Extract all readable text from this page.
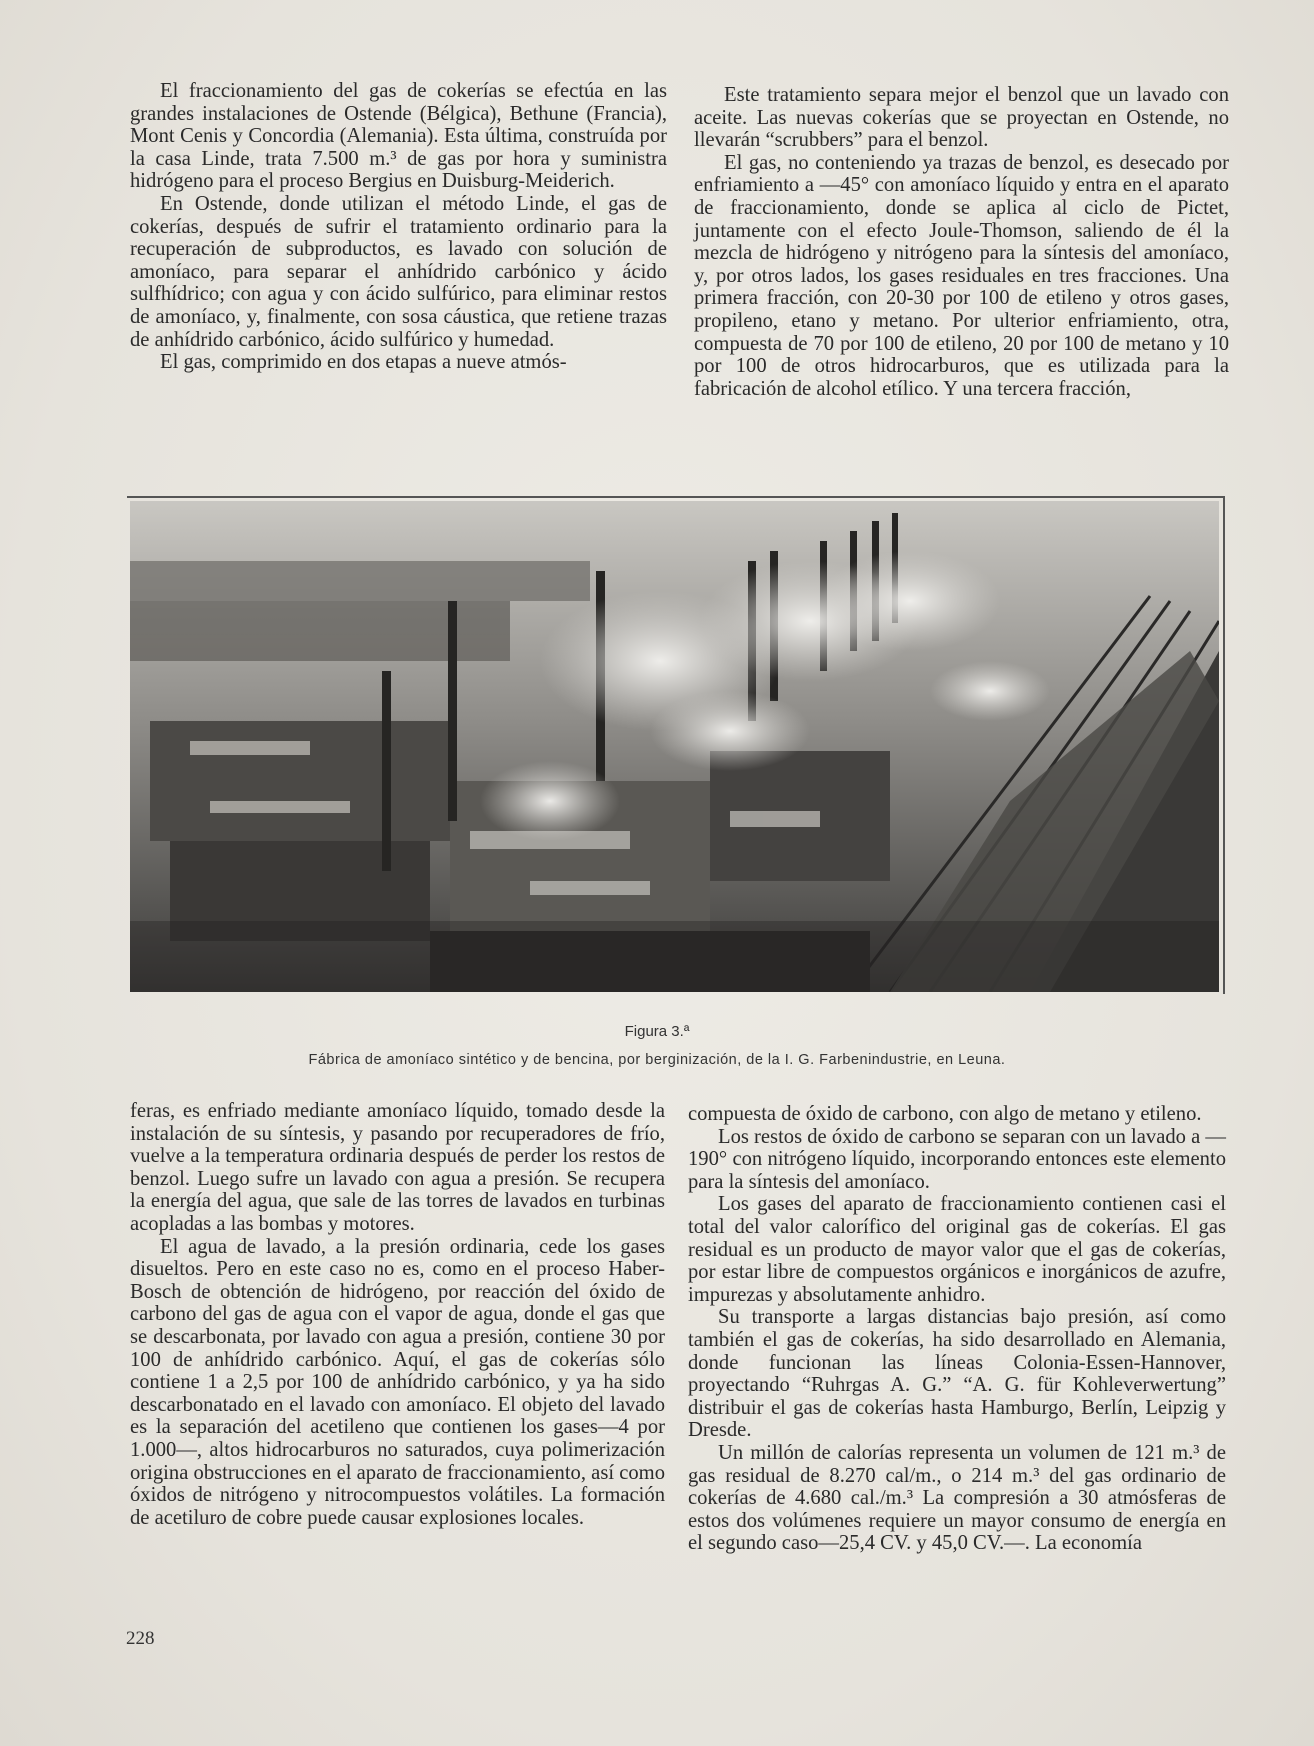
El fraccionamiento del gas de cokerías se efectúa en las grandes instalaciones de Ostende (Bélgica), Bethune (Francia), Mont Cenis y Concordia (Alemania). Esta última, construída por la casa Linde, trata 7.500 m.³ de gas por hora y suministra hidrógeno para el proceso Bergius en Duisburg-Meiderich.

En Ostende, donde utilizan el método Linde, el gas de cokerías, después de sufrir el tratamiento ordinario para la recuperación de subproductos, es lavado con solución de amoníaco, para separar el anhídrido carbónico y ácido sulfhídrico; con agua y con ácido sulfúrico, para eliminar restos de amoníaco, y, finalmente, con sosa cáustica, que retiene trazas de anhídrido carbónico, ácido sulfúrico y humedad.

El gas, comprimido en dos etapas a nueve atmós-

Este tratamiento separa mejor el benzol que un lavado con aceite. Las nuevas cokerías que se proyectan en Ostende, no llevarán “scrubbers” para el benzol.

El gas, no conteniendo ya trazas de benzol, es desecado por enfriamiento a —45° con amoníaco líquido y entra en el aparato de fraccionamiento, donde se aplica al ciclo de Pictet, juntamente con el efecto Joule-Thomson, saliendo de él la mezcla de hidrógeno y nitrógeno para la síntesis del amoníaco, y, por otros lados, los gases residuales en tres fracciones. Una primera fracción, con 20-30 por 100 de etileno y otros gases, propileno, etano y metano. Por ulterior enfriamiento, otra, compuesta de 70 por 100 de etileno, 20 por 100 de metano y 10 por 100 de otros hidrocarburos, que es utilizada para la fabricación de alcohol etílico. Y una tercera fracción,

Figura 3.ª
Fábrica de amoníaco sintético y de bencina, por berginización, de la I. G. Farbenindustrie, en Leuna.

feras, es enfriado mediante amoníaco líquido, tomado desde la instalación de su síntesis, y pasando por recuperadores de frío, vuelve a la temperatura ordinaria después de perder los restos de benzol. Luego sufre un lavado con agua a presión. Se recupera la energía del agua, que sale de las torres de lavados en turbinas acopladas a las bombas y motores.

El agua de lavado, a la presión ordinaria, cede los gases disueltos. Pero en este caso no es, como en el proceso Haber-Bosch de obtención de hidrógeno, por reacción del óxido de carbono del gas de agua con el vapor de agua, donde el gas que se descarbonata, por lavado con agua a presión, contiene 30 por 100 de anhídrido carbónico. Aquí, el gas de cokerías sólo contiene 1 a 2,5 por 100 de anhídrido carbónico, y ya ha sido descarbonatado en el lavado con amoníaco. El objeto del lavado es la separación del acetileno que contienen los gases—4 por 1.000—, altos hidrocarburos no saturados, cuya polimerización origina obstrucciones en el aparato de fraccionamiento, así como óxidos de nitrógeno y nitrocompuestos volátiles. La formación de acetiluro de cobre puede causar explosiones locales.

compuesta de óxido de carbono, con algo de metano y etileno.

Los restos de óxido de carbono se separan con un lavado a —190° con nitrógeno líquido, incorporando entonces este elemento para la síntesis del amoníaco.

Los gases del aparato de fraccionamiento contienen casi el total del valor calorífico del original gas de cokerías. El gas residual es un producto de mayor valor que el gas de cokerías, por estar libre de compuestos orgánicos e inorgánicos de azufre, impurezas y absolutamente anhidro.

Su transporte a largas distancias bajo presión, así como también el gas de cokerías, ha sido desarrollado en Alemania, donde funcionan las líneas Colonia-Essen-Hannover, proyectando “Ruhrgas A. G.” “A. G. für Kohleverwertung” distribuir el gas de cokerías hasta Hamburgo, Berlín, Leipzig y Dresde.

Un millón de calorías representa un volumen de 121 m.³ de gas residual de 8.270 cal/m., o 214 m.³ del gas ordinario de cokerías de 4.680 cal./m.³ La compresión a 30 atmósferas de estos dos volúmenes requiere un mayor consumo de energía en el segundo caso—25,4 CV. y 45,0 CV.—. La economía

228
